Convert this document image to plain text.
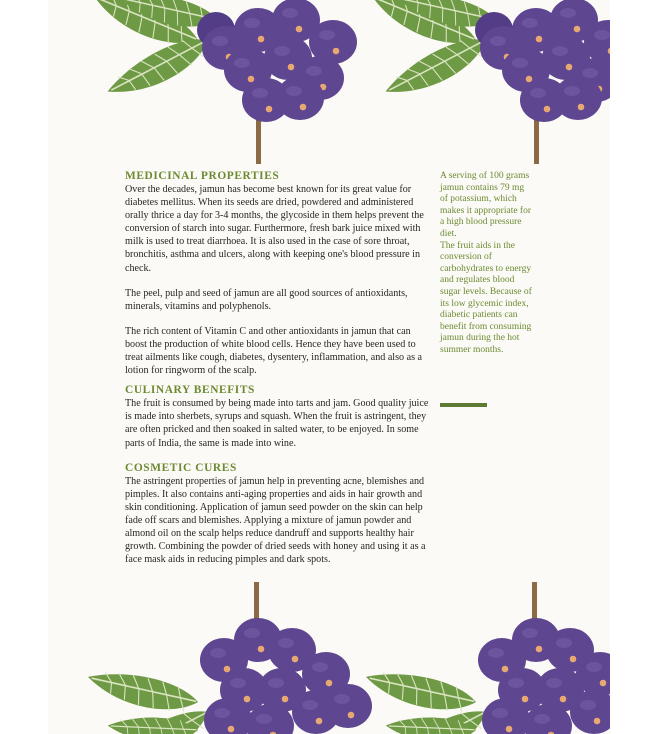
MEDICINAL PROPERTIES

Over the decades, jamun has become best known for its great value for diabetes mellitus. When its seeds are dried, powdered and administered orally thrice a day for 3-4 months, the glycoside in them helps prevent the conversion of starch into sugar. Furthermore, fresh bark juice mixed with milk is used to treat diarrhoea. It is also used in the case of sore throat, bronchitis, asthma and ulcers, along with keeping one's blood pressure in check.

The peel, pulp and seed of jamun are all good sources of antioxidants, minerals, vitamins and polyphenols.

The rich content of Vitamin C and other antioxidants in jamun that can boost the production of white blood cells. Hence they have been used to treat ailments like cough, diabetes, dysentery, inflammation, and also as a lotion for ringworm of the scalp.

CULINARY BENEFITS

The fruit is consumed by being made into tarts and jam. Good quality juice is made into sherbets, syrups and squash. When the fruit is astringent, they are often pricked and then soaked in salted water, to be enjoyed. In some parts of India, the same is made into wine.

COSMETIC CURES

The astringent properties of jamun help in preventing acne, blemishes and pimples. It also contains anti-aging properties and aids in hair growth and skin conditioning. Application of jamun seed powder on the skin can help fade off scars and blemishes. Applying a mixture of jamun powder and almond oil on the scalp helps reduce dandruff and supports healthy hair growth. Combining the powder of dried seeds with honey and using it as a face mask aids in reducing pimples and dark spots.

A serving of 100 grams jamun contains 79 mg of potassium, which makes it appropriate for a high blood pressure diet.

The fruit aids in the conversion of carbohydrates to energy and regulates blood sugar levels. Because of its low glycemic index, diabetic patients can benefit from consuming jamun during the hot summer months.
